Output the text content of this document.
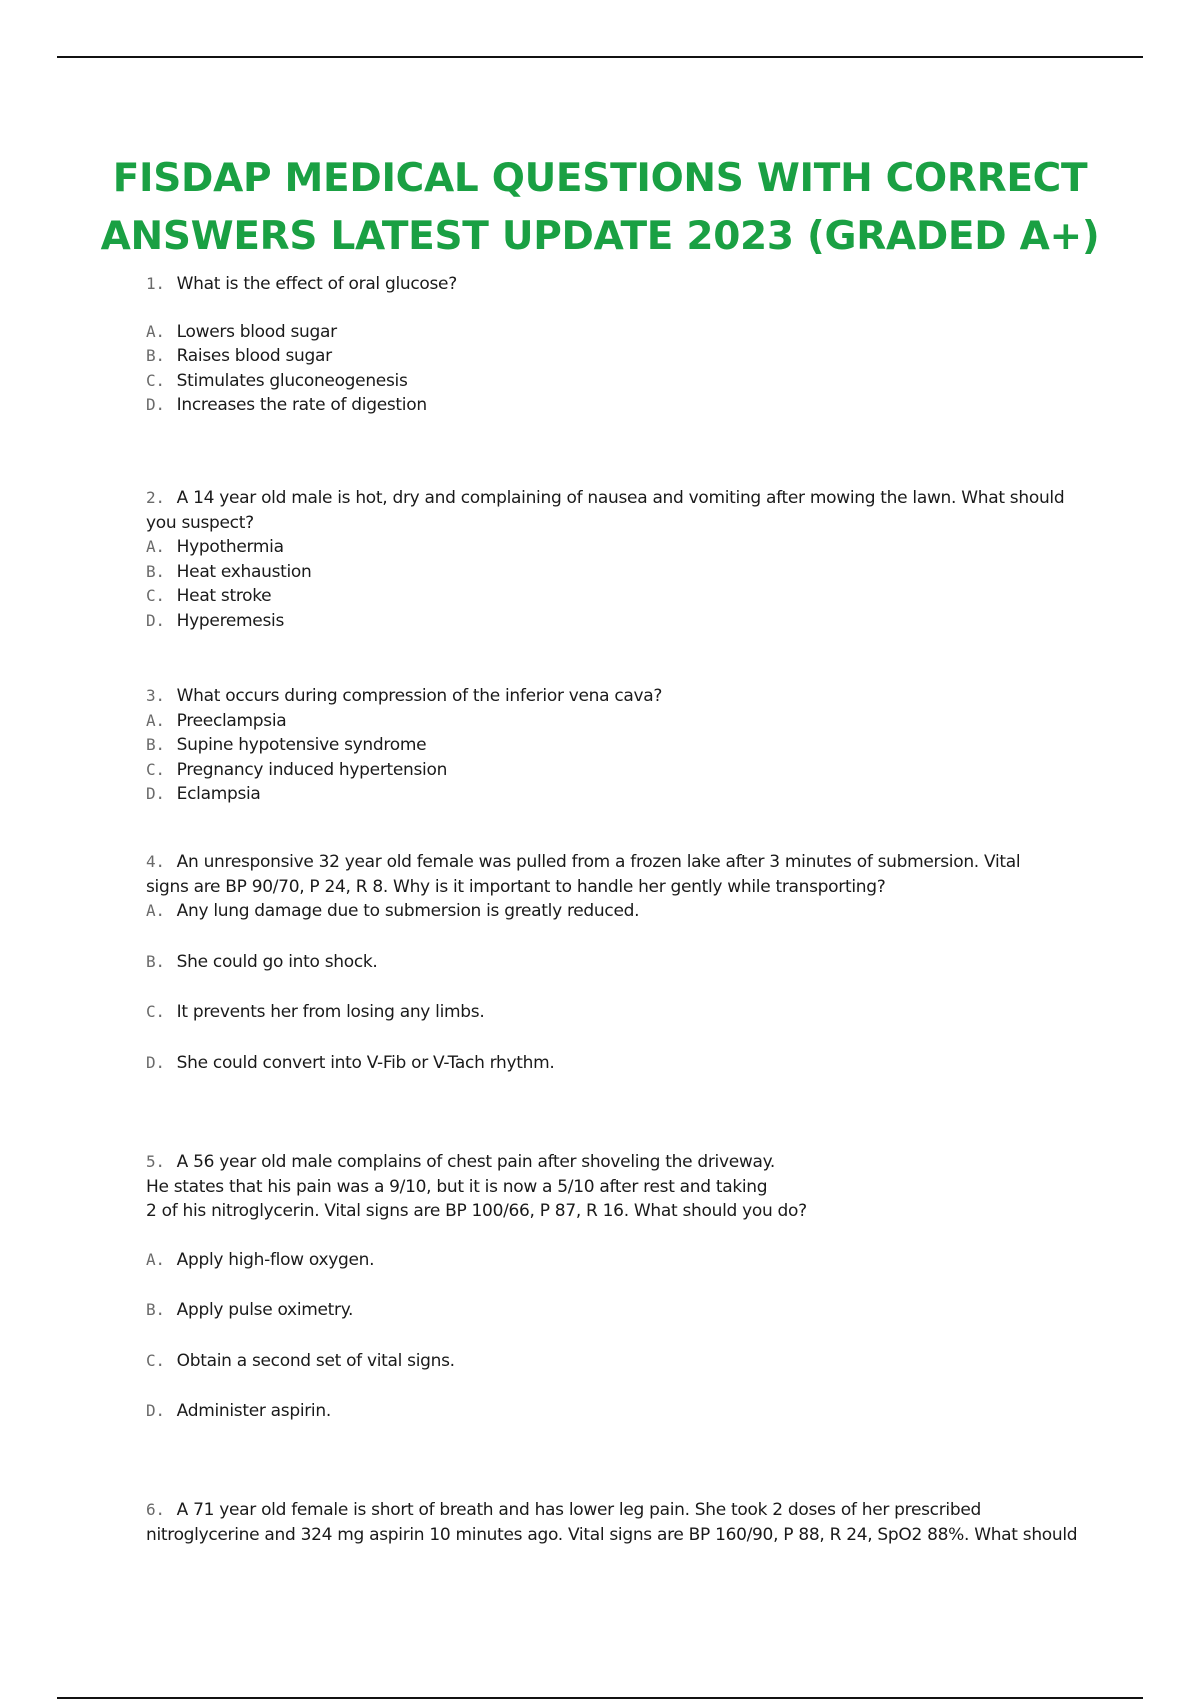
FISDAP MEDICAL QUESTIONS WITH CORRECT
ANSWERS LATEST UPDATE 2023 (GRADED A+)
1. What is the effect of oral glucose?
A. Lowers blood sugar
B. Raises blood sugar
C. Stimulates gluconeogenesis
D. Increases the rate of digestion
2. A 14 year old male is hot, dry and complaining of nausea and vomiting after mowing the lawn. What should
you suspect?
A. Hypothermia
B. Heat exhaustion
C. Heat stroke
D. Hyperemesis
3. What occurs during compression of the inferior vena cava?
A. Preeclampsia
B. Supine hypotensive syndrome
C. Pregnancy induced hypertension
D. Eclampsia
4. An unresponsive 32 year old female was pulled from a frozen lake after 3 minutes of submersion. Vital
signs are BP 90/70, P 24, R 8. Why is it important to handle her gently while transporting?
A. Any lung damage due to submersion is greatly reduced.
B. She could go into shock.
C. It prevents her from losing any limbs.
D. She could convert into V-Fib or V-Tach rhythm.
5. A 56 year old male complains of chest pain after shoveling the driveway.
He states that his pain was a 9/10, but it is now a 5/10 after rest and taking
2 of his nitroglycerin. Vital signs are BP 100/66, P 87, R 16. What should you do?
A. Apply high-flow oxygen.
B. Apply pulse oximetry.
C. Obtain a second set of vital signs.
D. Administer aspirin.
6. A 71 year old female is short of breath and has lower leg pain. She took 2 doses of her prescribed
nitroglycerine and 324 mg aspirin 10 minutes ago. Vital signs are BP 160/90, P 88, R 24, SpO2 88%. What should
